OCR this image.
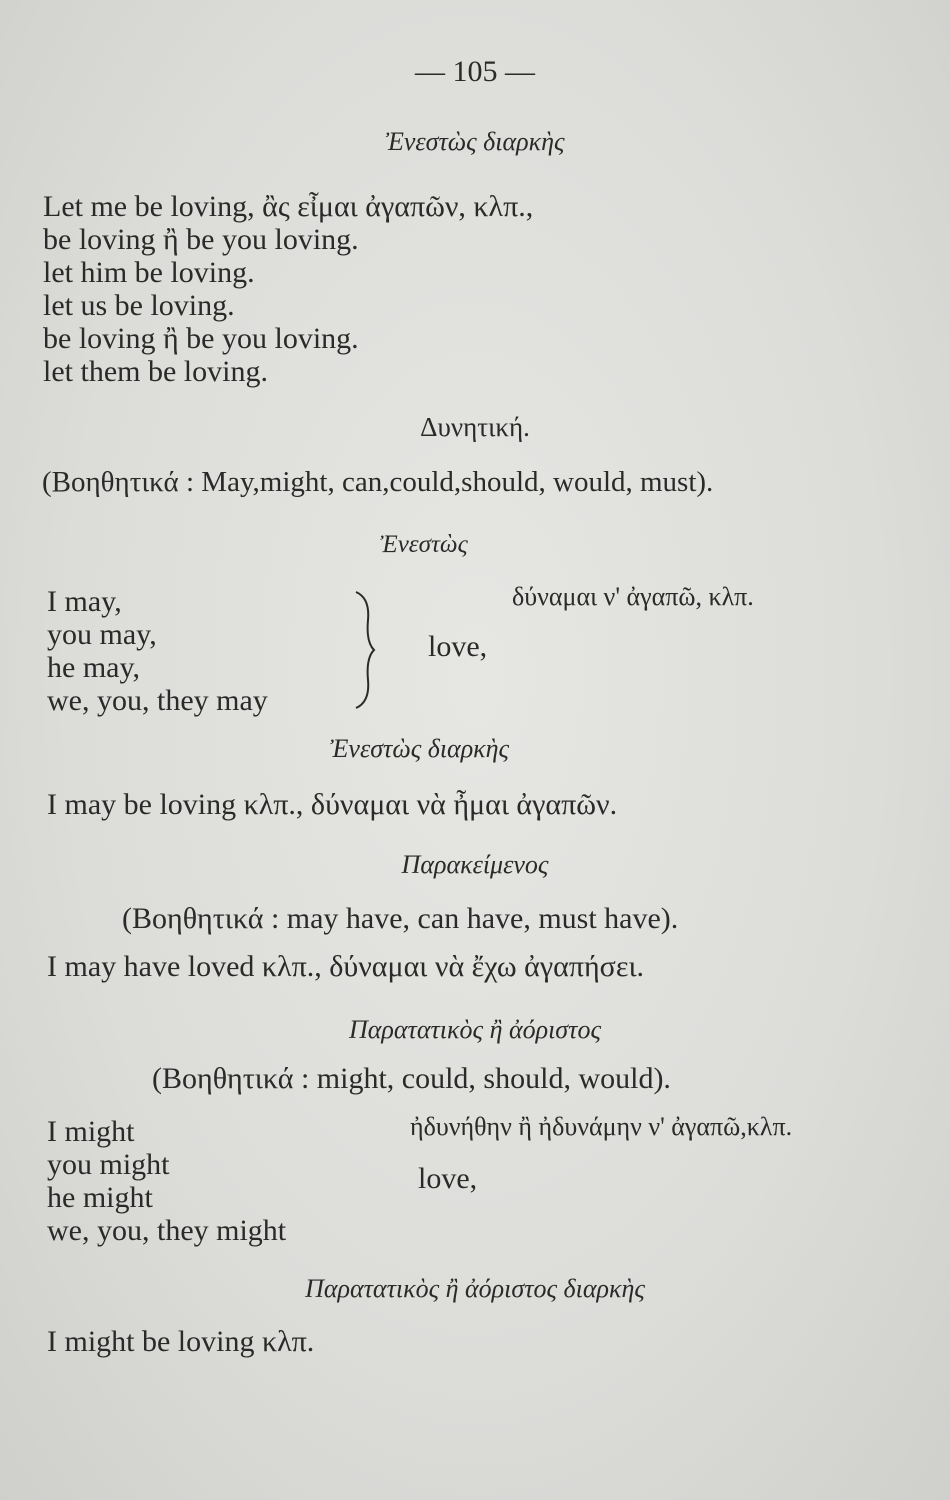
— 105 —
Ἐνεστὼς διαρκὴς
Let me be loving, ἂς εἶμαι ἀγαπῶν, κλπ.,
be loving ἢ be you loving.
let him be loving.
let us be loving.
be loving ἢ be you loving.
let them be loving.
Δυνητική.
(Βοηθητικά : May,might, can,could,should, would, must).
Ἐνεστὼς
I may,
you may,
he may,
we, you, they may
love,
δύναμαι ν' ἀγαπῶ, κλπ.
Ἐνεστὼς διαρκὴς
I may be loving κλπ., δύναμαι νὰ ἦμαι ἀγαπῶν.
Παρακείμενος
(Βοηθητικά : may have, can have, must have).
I may have loved κλπ., δύναμαι νὰ ἔχω ἀγαπήσει.
Παρατατικὸς ἢ ἀόριστος
(Βοηθητικά : might, could, should, would).
ἠδυνήθην ἢ ἠδυνάμην ν' ἀγαπῶ,κλπ.
I might
you might
he might
we, you, they might
love,
Παρατατικὸς ἢ ἀόριστος διαρκὴς
I might be loving κλπ.
